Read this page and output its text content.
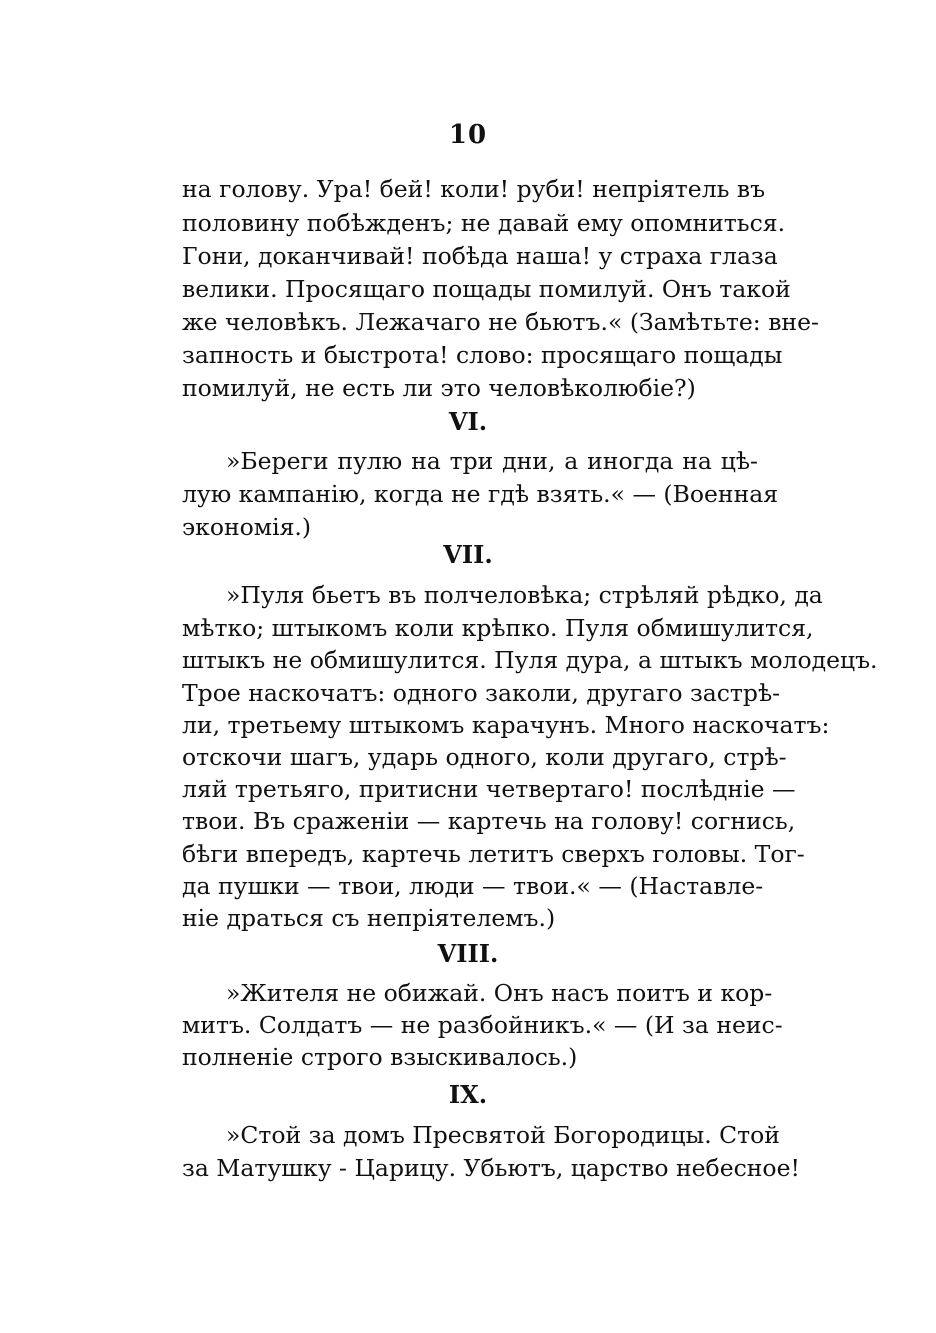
10
на голову. Ура! бей! коли! руби! непріятель въ
половину побѣжденъ; не давай ему опомниться.
Гони, доканчивай! побѣда наша! у страха глаза
велики. Просящаго пощады помилуй. Онъ такой
же человѣкъ. Лежачаго не бьютъ.« (Замѣтьте: вне-
запность и быстрота! слово: просящаго пощады
помилуй, не есть ли это человѣколюбіе?)
VI.
»Береги пулю на три дни, а иногда на цѣ-
лую кампанію, когда не гдѣ взять.« — (Военная
экономія.)
VII.
»Пуля бьетъ въ полчеловѣка; стрѣляй рѣдко, да
мѣтко; штыкомъ коли крѣпко. Пуля обмишулится,
штыкъ не обмишулится. Пуля дура, а штыкъ молодецъ.
Трое наскочатъ: одного заколи, другаго застрѣ-
ли, третьему штыкомъ карачунъ. Много наскочатъ:
отскочи шагъ, ударь одного, коли другаго, стрѣ-
ляй третьяго, притисни четвертаго! послѣдніе —
твои. Въ сраженіи — картечь на голову! согнись,
бѣги впередъ, картечь летитъ сверхъ головы. Тог-
да пушки — твои, люди — твои.« — (Наставле-
ніе драться съ непріятелемъ.)
VIII.
»Жителя не обижай. Онъ насъ поитъ и кор-
митъ. Солдатъ — не разбойникъ.« — (И за неис-
полненіе строго взыскивалось.)
IX.
»Стой за домъ Пресвятой Богородицы. Стой
за Матушку - Царицу. Убьютъ, царство небесное!
